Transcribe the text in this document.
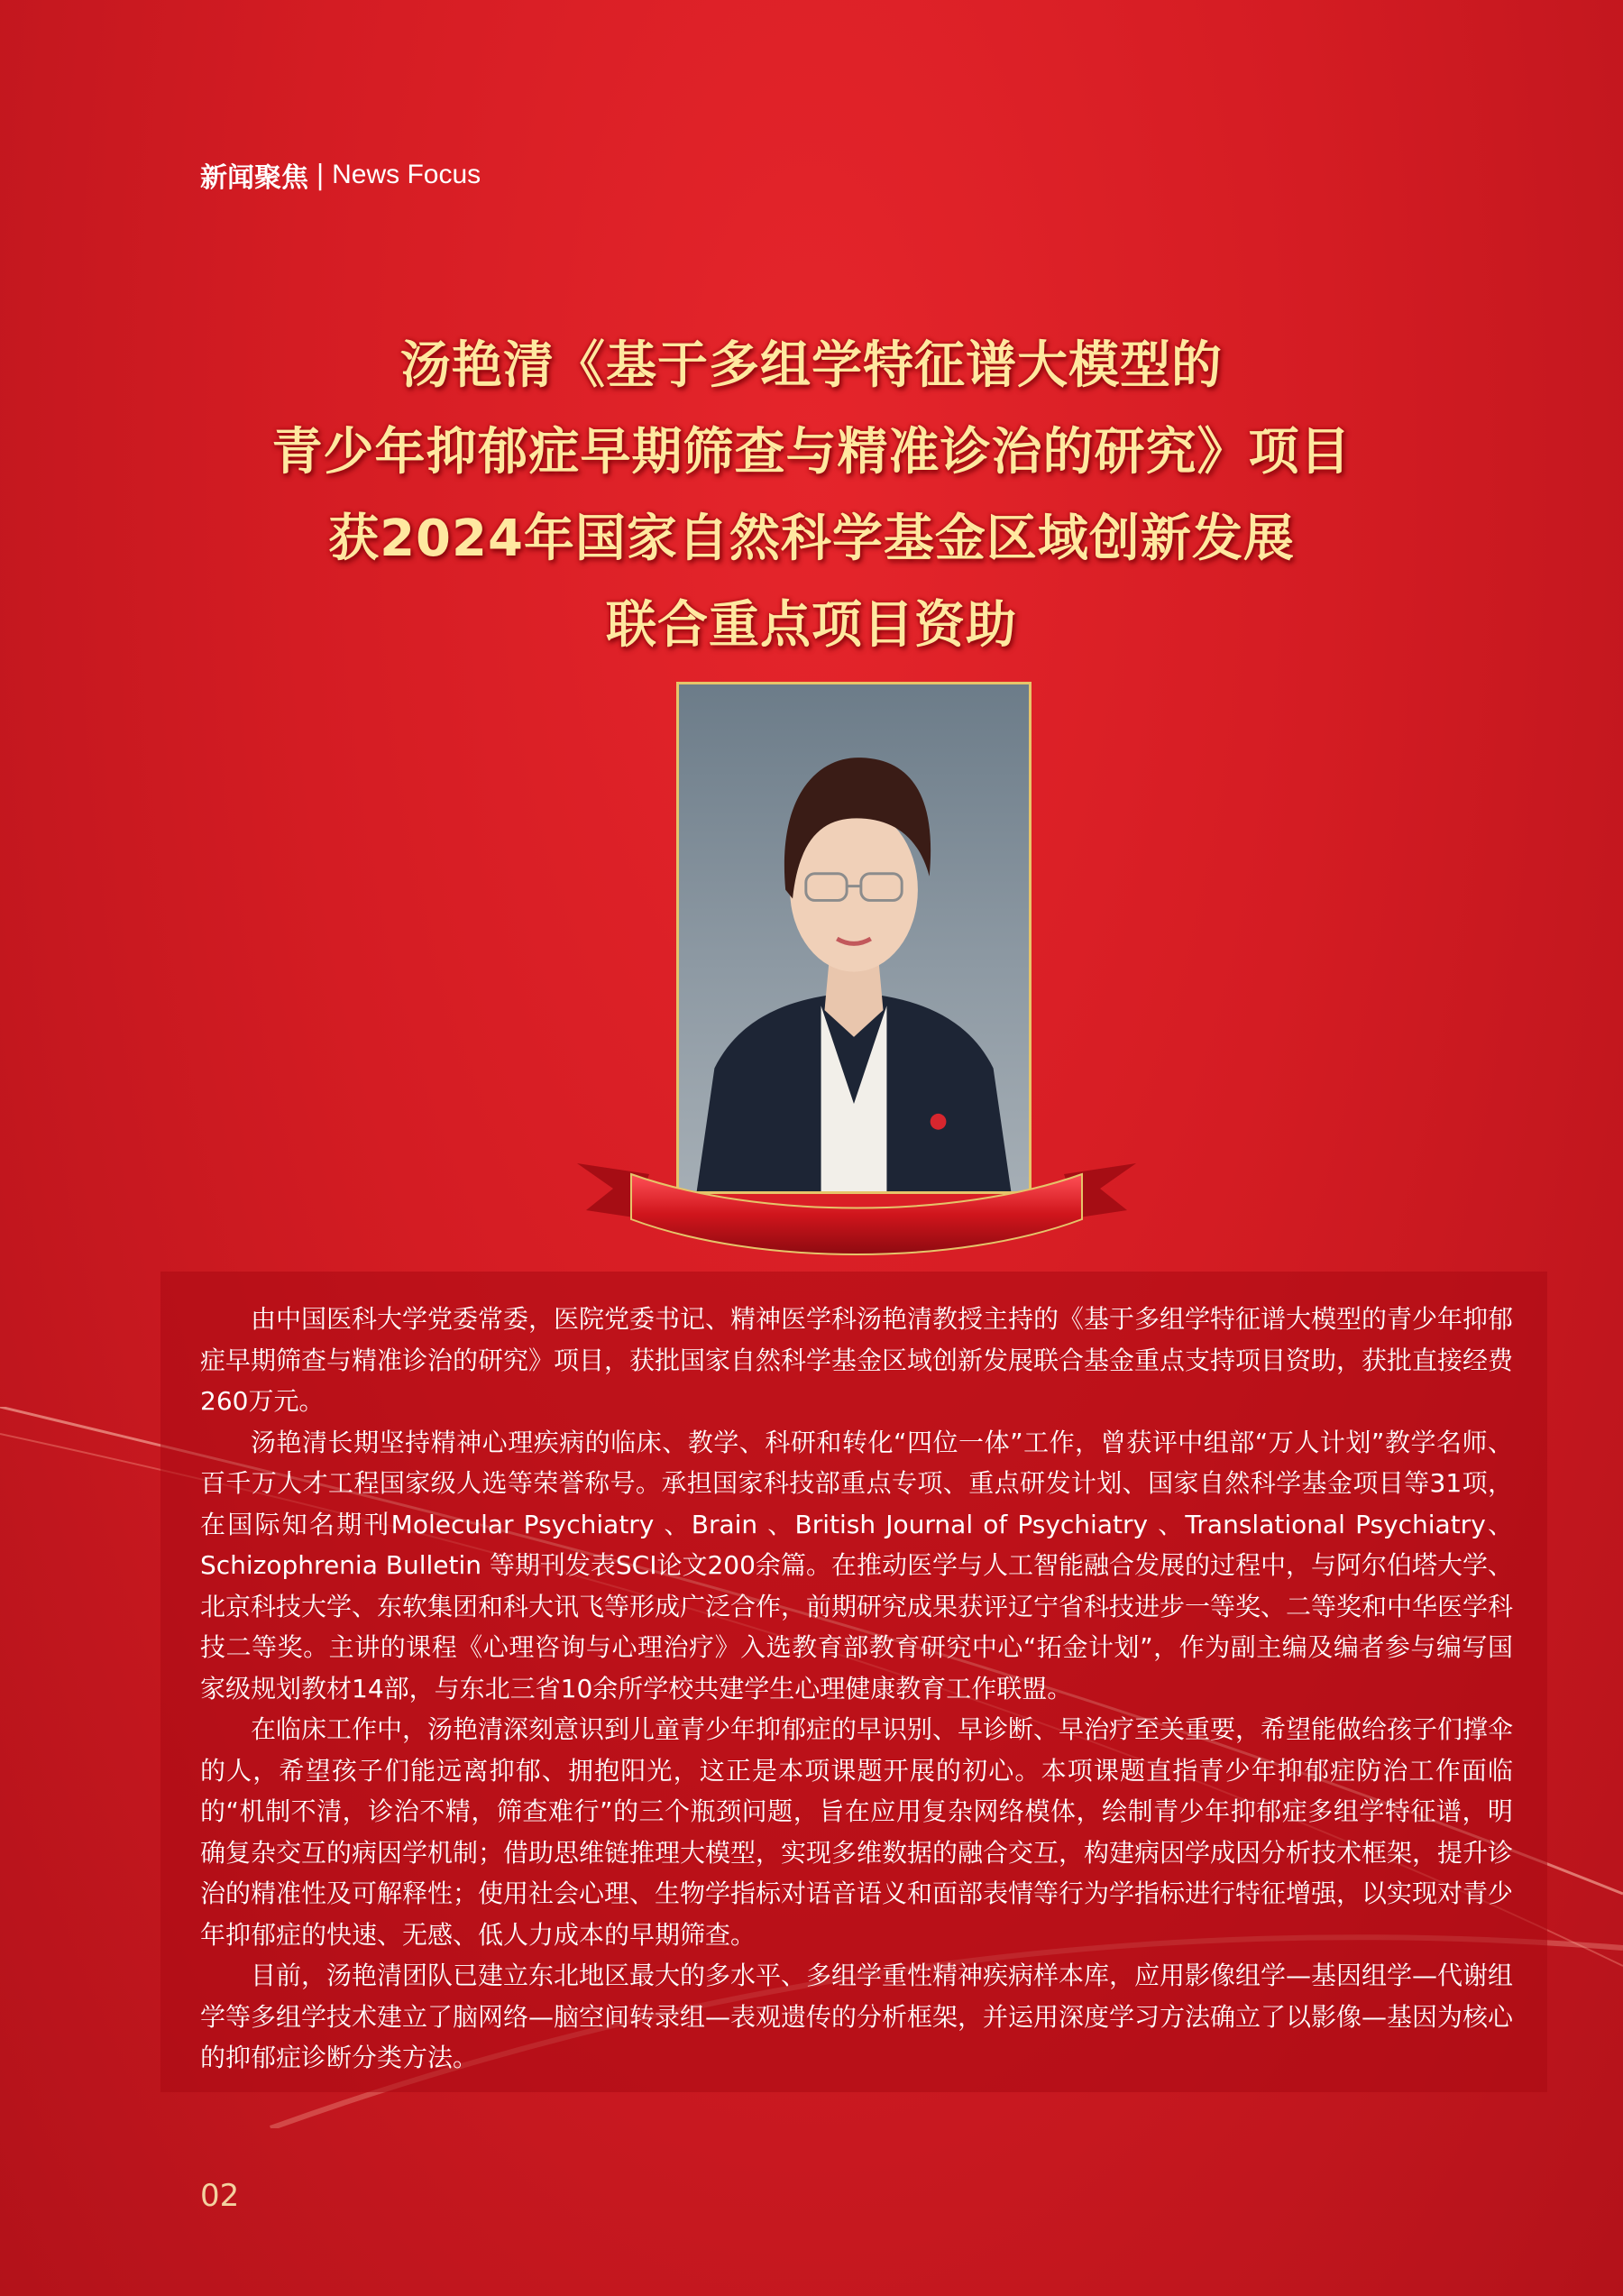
新闻聚焦 | News Focus
汤艳清《基于多组学特征谱大模型的
青少年抑郁症早期筛查与精准诊治的研究》项目
获2024年国家自然科学基金区域创新发展
联合重点项目资助

由中国医科大学党委常委，医院党委书记、精神医学科汤艳清教授主持的《基于多组学特征谱大模型的青少年抑郁症早期筛查与精准诊治的研究》项目，获批国家自然科学基金区域创新发展联合基金重点支持项目资助，获批直接经费260万元。

汤艳清长期坚持精神心理疾病的临床、教学、科研和转化“四位一体”工作，曾获评中组部“万人计划”教学名师、百千万人才工程国家级人选等荣誉称号。承担国家科技部重点专项、重点研发计划、国家自然科学基金项目等31项，在国际知名期刊Molecular Psychiatry 、Brain 、British Journal of Psychiatry 、Translational Psychiatry、Schizophrenia Bulletin 等期刊发表SCI论文200余篇。在推动医学与人工智能融合发展的过程中，与阿尔伯塔大学、北京科技大学、东软集团和科大讯飞等形成广泛合作，前期研究成果获评辽宁省科技进步一等奖、二等奖和中华医学科技二等奖。主讲的课程《心理咨询与心理治疗》入选教育部教育研究中心“拓金计划”，作为副主编及编者参与编写国家级规划教材14部，与东北三省10余所学校共建学生心理健康教育工作联盟。

在临床工作中，汤艳清深刻意识到儿童青少年抑郁症的早识别、早诊断、早治疗至关重要，希望能做给孩子们撑伞的人，希望孩子们能远离抑郁、拥抱阳光，这正是本项课题开展的初心。本项课题直指青少年抑郁症防治工作面临的“机制不清，诊治不精，筛查难行”的三个瓶颈问题，旨在应用复杂网络模体，绘制青少年抑郁症多组学特征谱，明确复杂交互的病因学机制；借助思维链推理大模型，实现多维数据的融合交互，构建病因学成因分析技术框架，提升诊治的精准性及可解释性；使用社会心理、生物学指标对语音语义和面部表情等行为学指标进行特征增强，以实现对青少年抑郁症的快速、无感、低人力成本的早期筛查。

目前，汤艳清团队已建立东北地区最大的多水平、多组学重性精神疾病样本库，应用影像组学—基因组学—代谢组学等多组学技术建立了脑网络—脑空间转录组—表观遗传的分析框架，并运用深度学习方法确立了以影像—基因为核心的抑郁症诊断分类方法。

02
